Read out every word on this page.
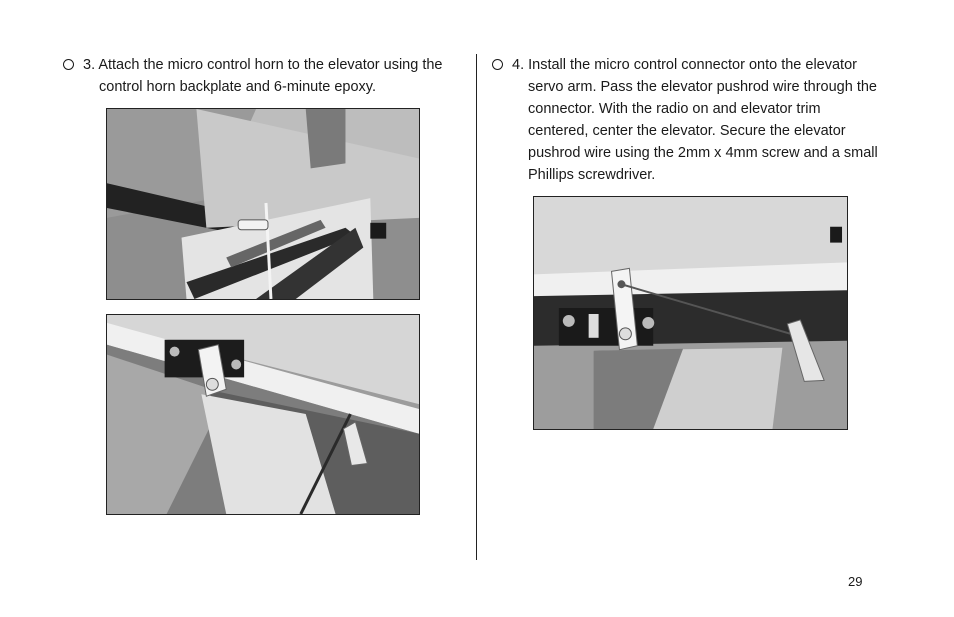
3. Attach the micro control horn to the elevator using the
control horn backplate and 6-minute epoxy.
4. Install the micro control connector onto the elevator
servo arm. Pass the elevator pushrod wire through the connector. With the radio on and elevator trim centered, center the elevator. Secure the elevator pushrod wire using the 2mm x 4mm screw and a small Phillips screwdriver.
29
